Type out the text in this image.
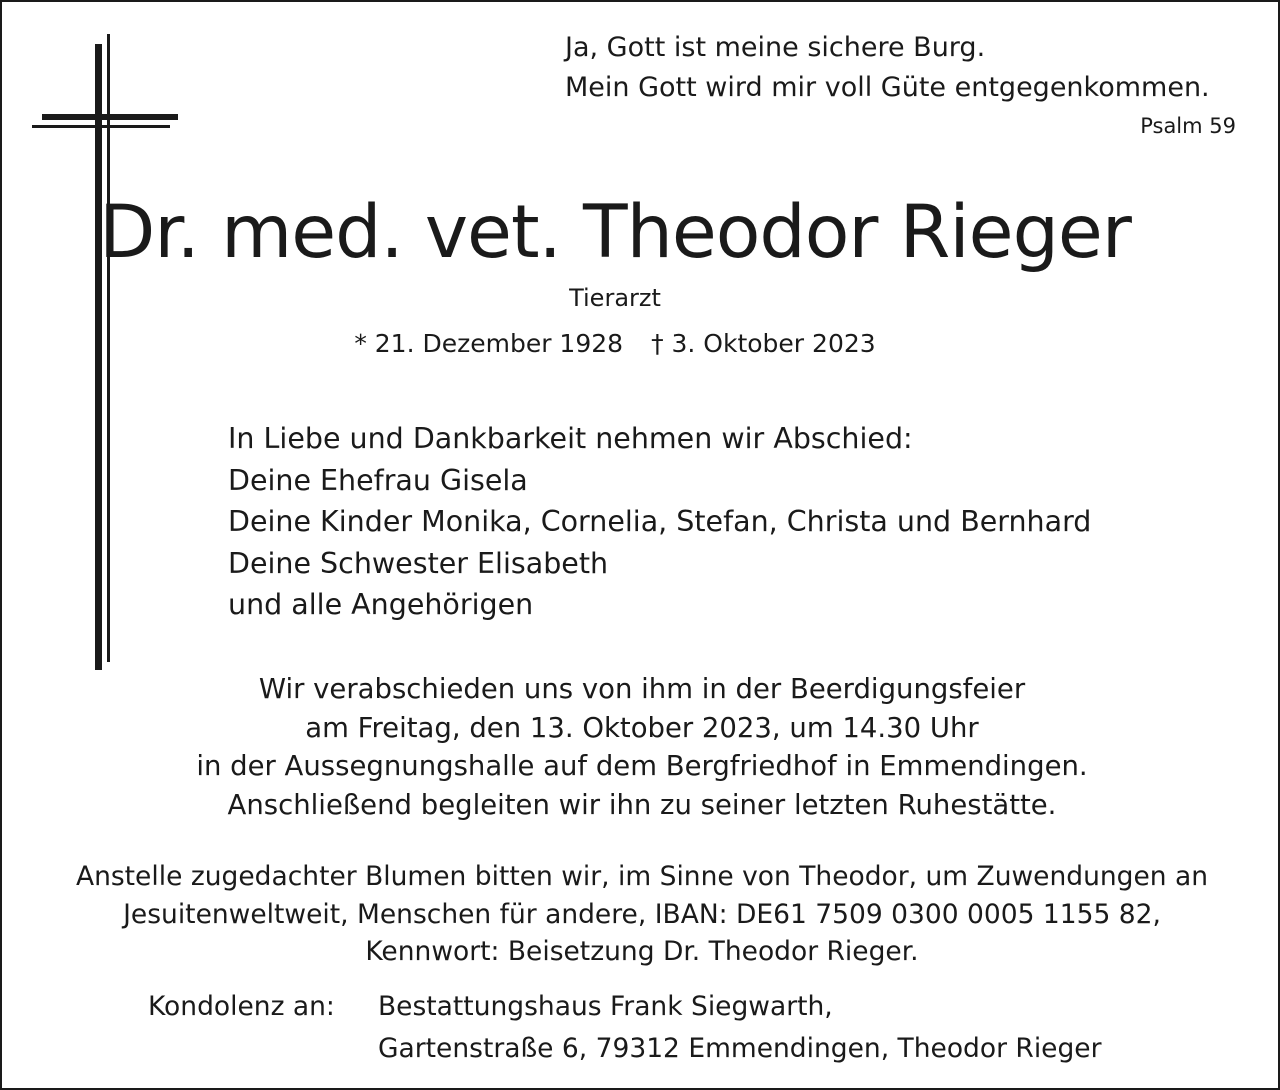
Ja, Gott ist meine sichere Burg.
Mein Gott wird mir voll Güte entgegenkommen.
Psalm 59
Dr. med. vet. Theodor Rieger
Tierarzt
* 21. Dezember 1928 † 3. Oktober 2023
In Liebe und Dankbarkeit nehmen wir Abschied:
Deine Ehefrau Gisela
Deine Kinder Monika, Cornelia, Stefan, Christa und Bernhard
Deine Schwester Elisabeth
und alle Angehörigen
Wir verabschieden uns von ihm in der Beerdigungsfeier
am Freitag, den 13. Oktober 2023, um 14.30 Uhr
in der Aussegnungshalle auf dem Bergfriedhof in Emmendingen.
Anschließend begleiten wir ihn zu seiner letzten Ruhestätte.
Anstelle zugedachter Blumen bitten wir, im Sinne von Theodor, um Zuwendungen an
Jesuitenweltweit, Menschen für andere, IBAN: DE61 7509 0300 0005 1155 82,
Kennwort: Beisetzung Dr. Theodor Rieger.
Kondolenz an: Bestattungshaus Frank Siegwarth,
Gartenstraße 6, 79312 Emmendingen, Theodor Rieger
